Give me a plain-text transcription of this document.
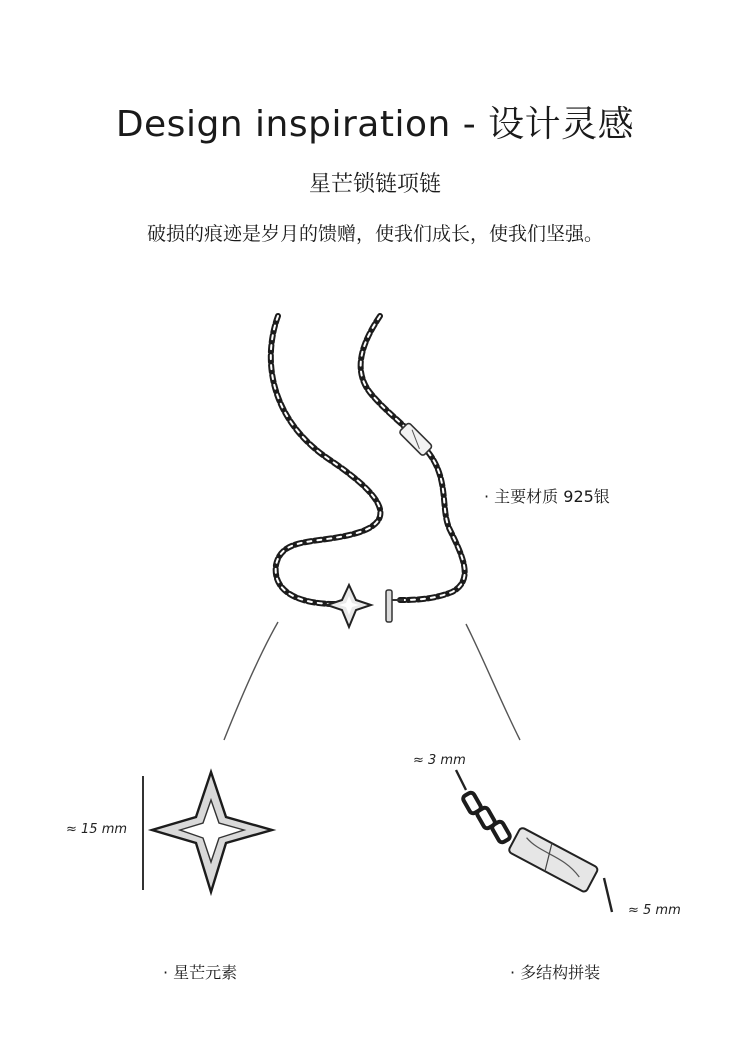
Design inspiration - 设计灵感
星芒锁链项链
破损的痕迹是岁月的馈赠，使我们成长，使我们坚强。
· 主要材质 925银
≈ 15 mm
≈ 3 mm
≈ 5 mm
· 星芒元素	· 多结构拼装
